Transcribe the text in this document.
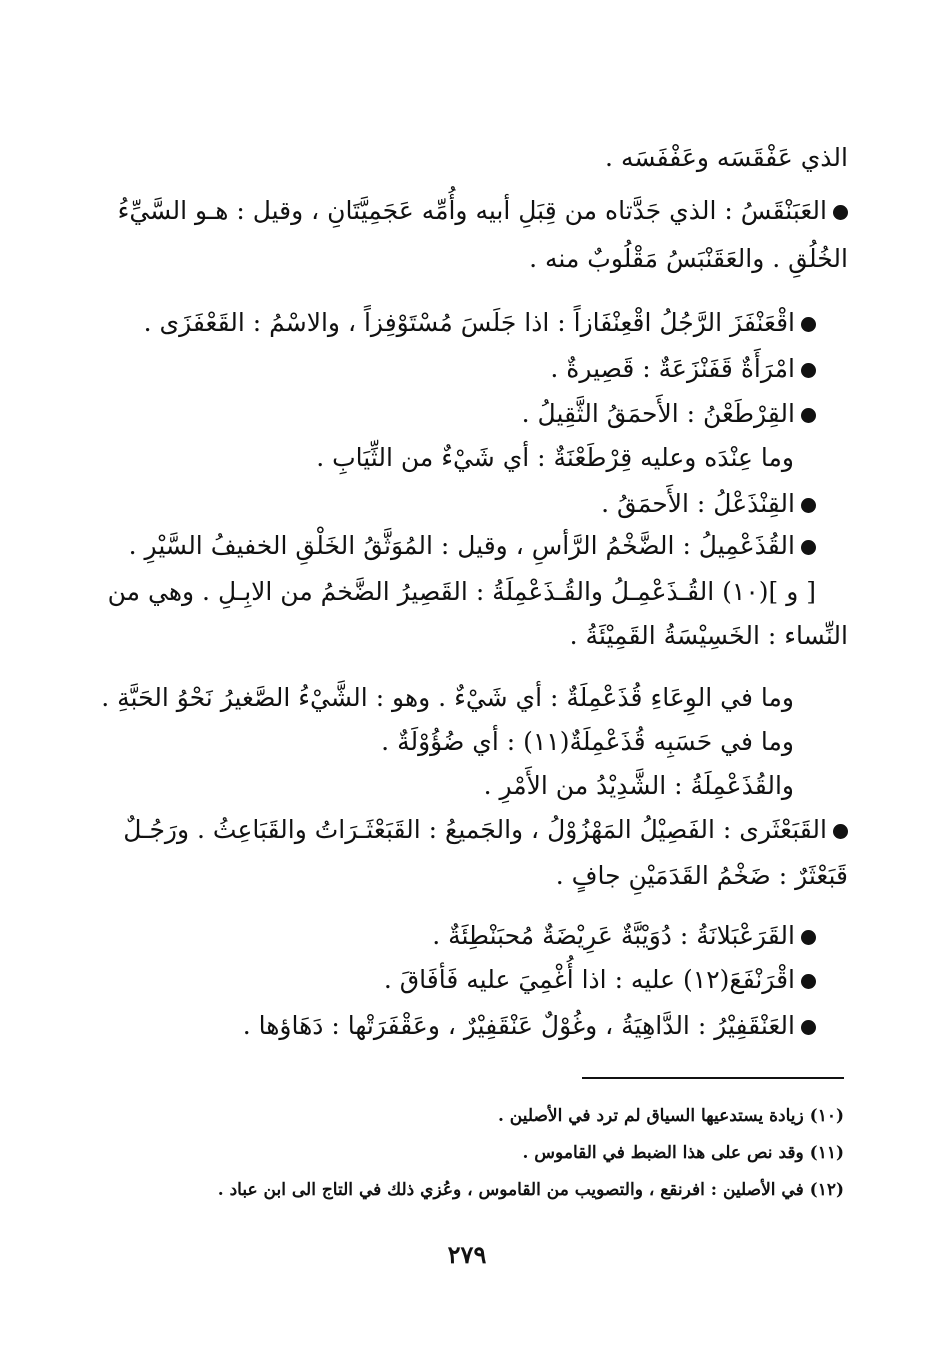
الذي عَفْقَسَه وعَفْفَسَه .
العَبَنْقَسُ : الذي جَدَّتاه من قِبَلِ أبيه وأُمِّه عَجَمِيَّتَانِ ، وقيل : هـو السَّيِّءُ
الخُلُقِ . والعَقَنْبَسُ مَقْلُوبٌ منه .
اقْعَنْفَزَ الرَّجُلُ اقْعِنْفَازاً : اذا جَلَسَ مُسْتَوْفِزاً ، والاسْمُ : القَعْفَزَى .
امْرَأَةٌ قَفَنْزَعَةٌ : قَصِيرةٌ .
القِرْطَعْنُ : الأَحمَقُ الثَّقِيلُ .
وما عِنْدَه وعليه قِرْطَعْنَةٌ : أي شَيْءٌ من الثِّيَابِ .
القِنْذَعْلُ : الأَحمَقُ .
القُذَعْمِيلُ : الضَّخْمُ الرَّأسِ ، وقيل : المُوَثَّقُ الخَلْقِ الخفيفُ السَّيْرِ .
[ و ](١٠) القُـذَعْمِـلُ والقُـذَعْمِلَةُ : القَصِيرُ الضَّخمُ من الابِـلِ . وهي من
النِّساء : الخَسِيْسَةُ القَمِيْئَةُ .
وما في الوِعَاءِ قُذَعْمِلَةٌ : أي شَيْءٌ . وهو : الشَّيْءُ الصَّغيرُ نَحْوُ الحَبَّةِ .
وما في حَسَبِه قُذَعْمِلَةٌ(١١) : أي ضُؤُوْلَةٌ .
والقُذَعْمِلَةُ : الشَّدِيْدُ من الأَمْرِ .
القَبَعْثَرى : الفَصِيْلُ المَهْزُوْلُ ، والجَميعُ : القَبَعْثَـرَاتُ والقَبَاعِثُ . ورَجُـلٌ
قَبَعْثَرٌ : ضَخْمُ القَدَمَيْنِ جافٍ .
القَرَعْبَلانَةُ : دُوَيْبَّةٌ عَرِيْضَةٌ مُحبَنْطِئَةٌ .
اقْرَنْفَعَ(١٢) عليه : اذا أُغْمِيَ عليه فَأفَاقَ .
العَنْقَفِيْرُ : الدَّاهِيَةُ ، وغُوْلٌ عَنْقَفِيْرٌ ، وعَقْفَرَتْها : دَهَاؤها .
(١٠) زيادة يستدعيها السياق لم ترد في الأصلين .
(١١) وقد نص على هذا الضبط في القاموس .
(١٢) في الأصلين : افرنقع ، والتصويب من القاموس ، وعُزي ذلك في التاج الى ابن عباد .
٢٧٩
